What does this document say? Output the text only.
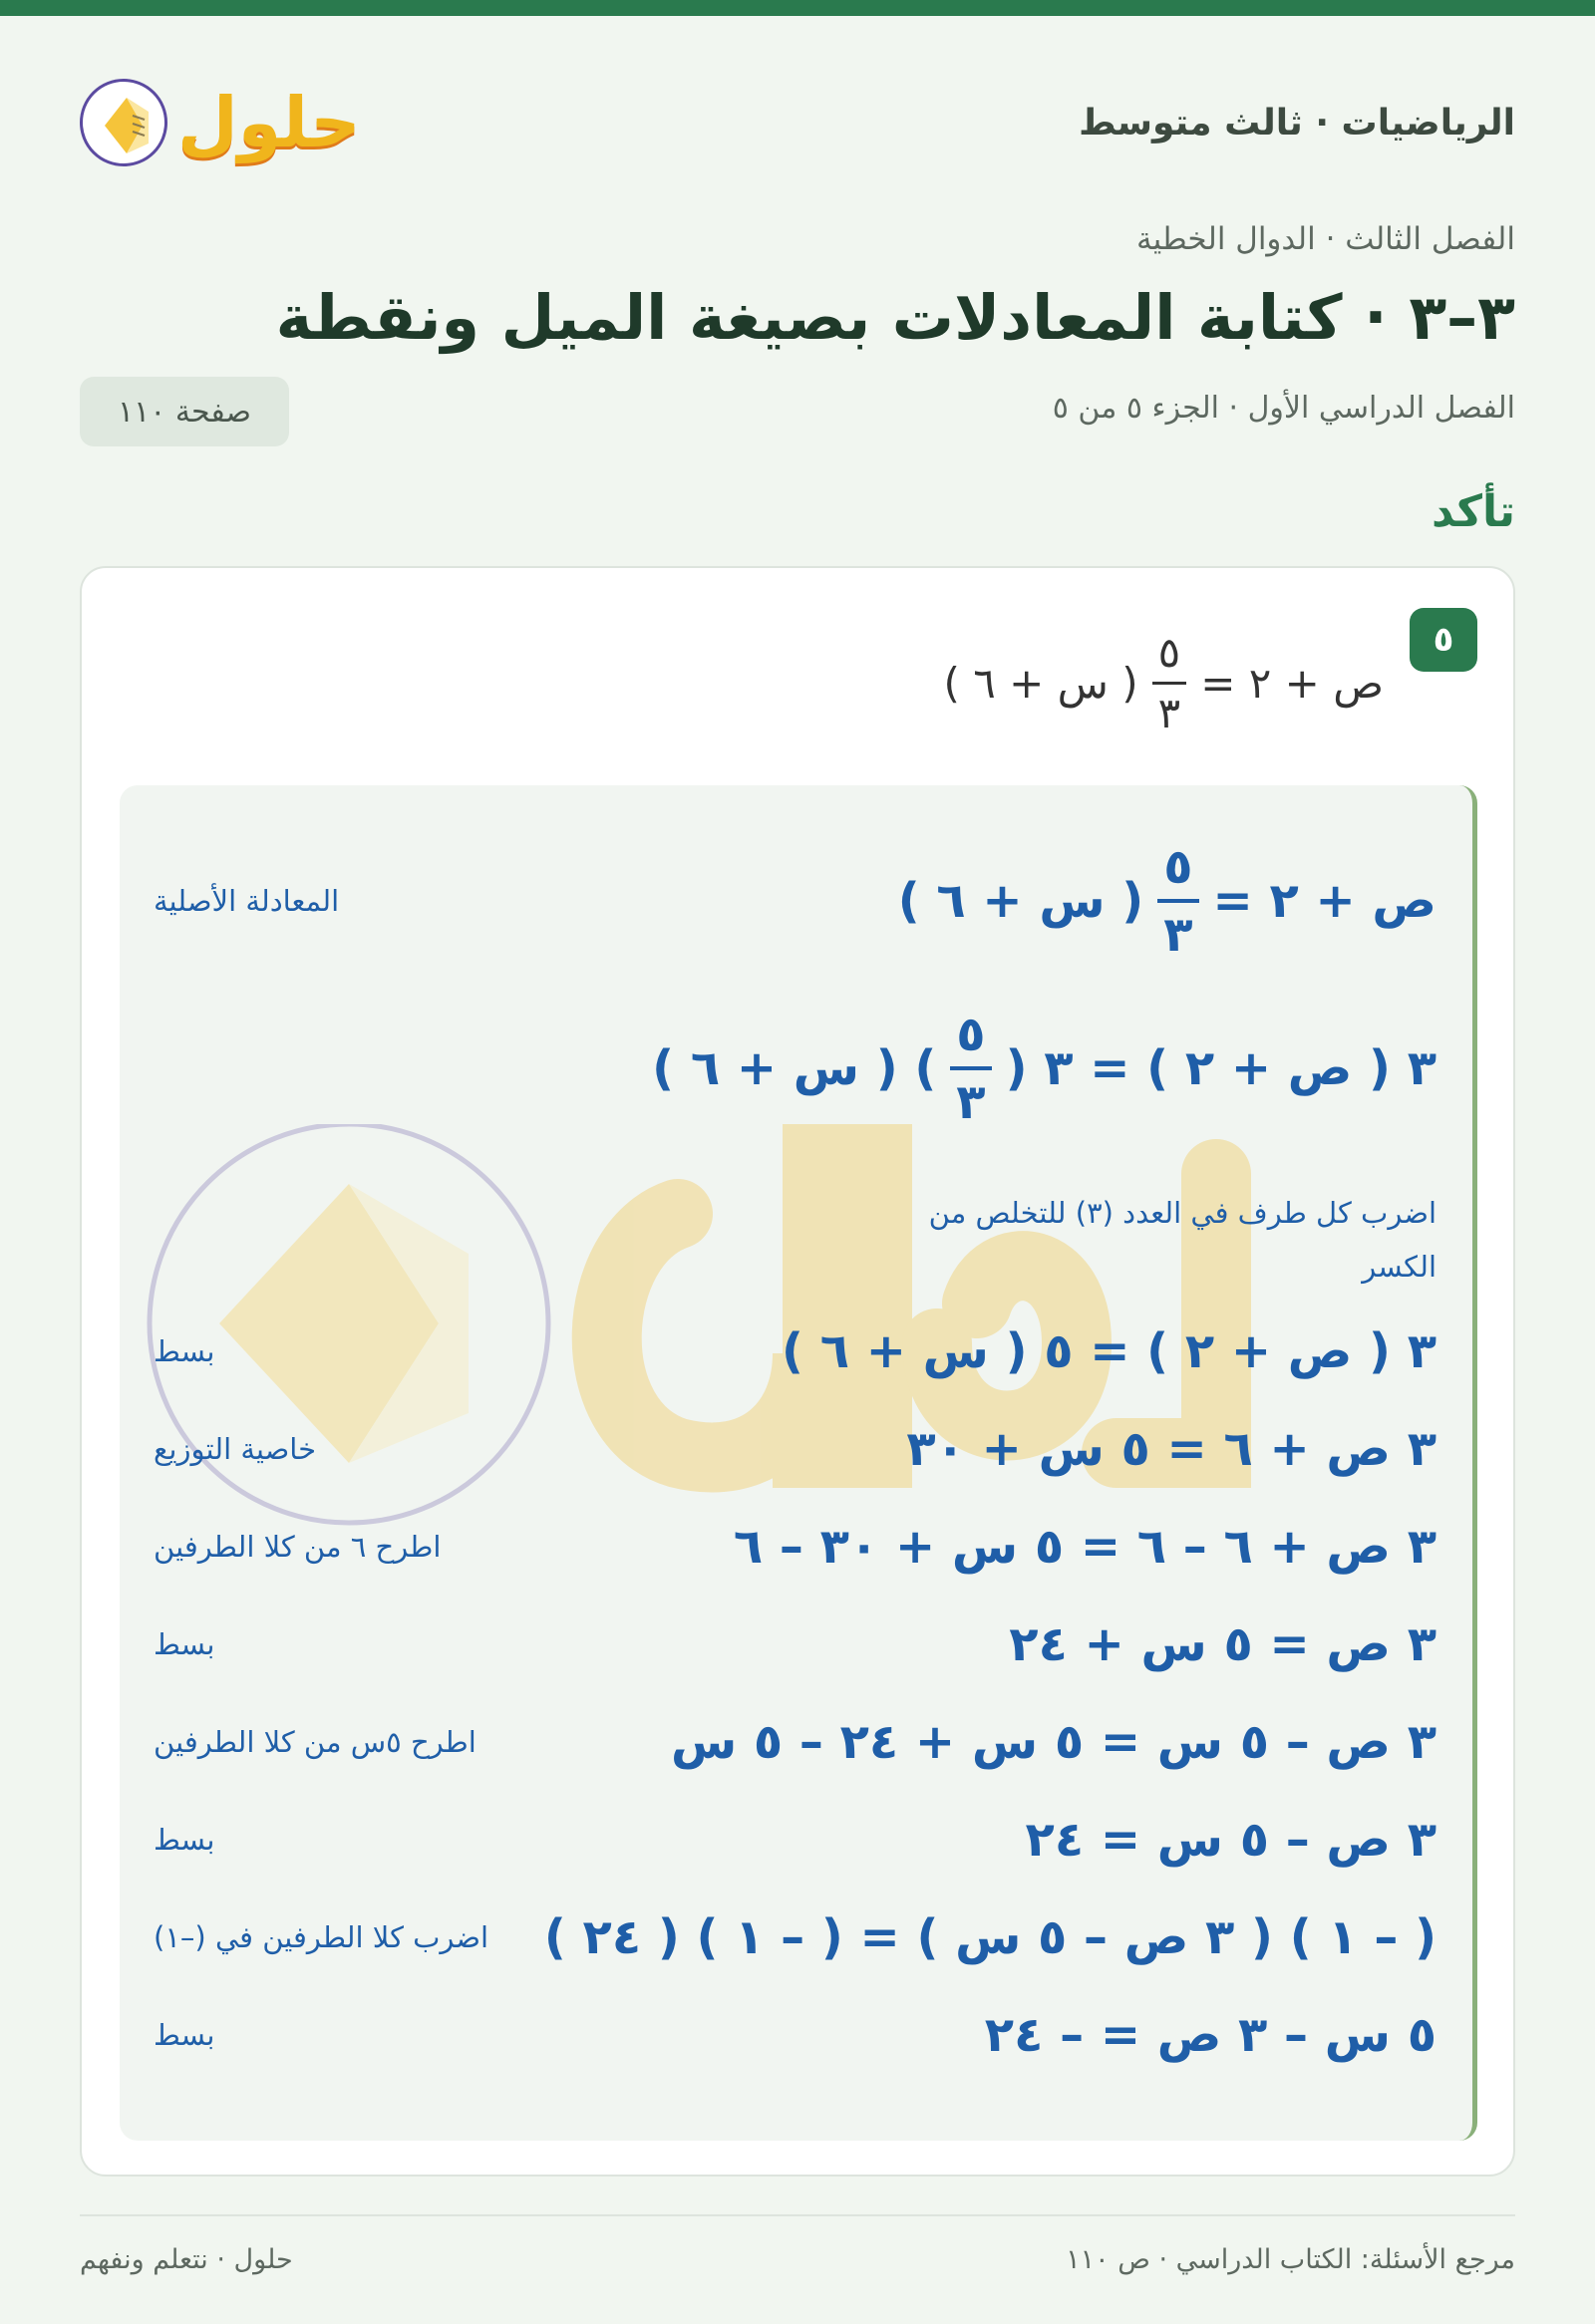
الرياضيات · ثالث متوسط
حلول
الفصل الثالث · الدوال الخطية
٣–٣ · كتابة المعادلات بصيغة الميل ونقطة
الفصل الدراسي الأول · الجزء ٥ من ٥
صفحة ١١٠
تأكد
٥
ص + ٢ =
$\frac{٥}{٣}$
( س + ٦ )
ص + ٢ =
$\frac{٥}{٣}$
( س + ٦ )
المعادلة الأصلية
٣ ( ص + ٢ ) = ٣ (
$\frac{٥}{٣}$
) ( س + ٦ )
اضرب كل طرف في العدد (٣) للتخلص من الكسر
٣ ( ص + ٢ ) = ٥ ( س + ٦ )
بسط
٣ ص + ٦ = ٥ س + ٣٠
خاصية التوزيع
٣ ص + ٦ – ٦ = ٥ س + ٣٠ – ٦
اطرح ٦ من كلا الطرفين
٣ ص = ٥ س + ٢٤
بسط
٣ ص – ٥ س = ٥ س + ٢٤ – ٥ س
اطرح ٥س من كلا الطرفين
٣ ص – ٥ س = ٢٤
بسط
( – ١ ) ( ٣ ص – ٥ س ) = ( – ١ ) ( ٢٤ )
اضرب كلا الطرفين في (–١)
٥ س – ٣ ص = – ٢٤
بسط
مرجع الأسئلة: الكتاب الدراسي · ص ١١٠
حلول · نتعلم ونفهم
